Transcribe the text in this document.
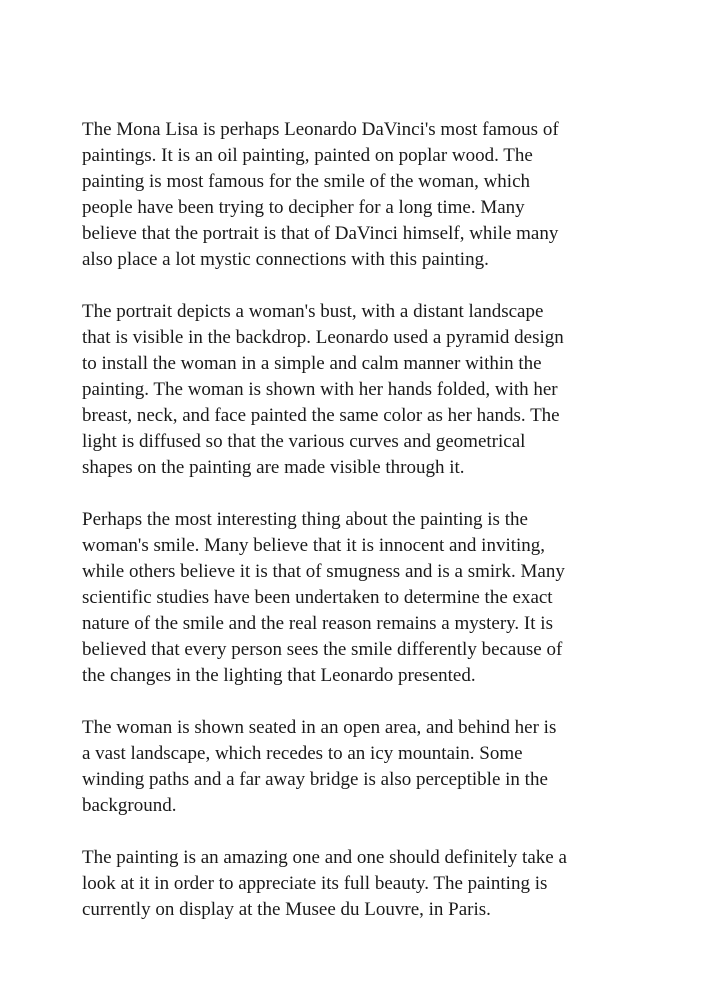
The Mona Lisa is perhaps Leonardo DaVinci's most famous of
paintings. It is an oil painting, painted on poplar wood. The
painting is most famous for the smile of the woman, which
people have been trying to decipher for a long time. Many
believe that the portrait is that of DaVinci himself, while many
also place a lot mystic connections with this painting.

The portrait depicts a woman's bust, with a distant landscape
that is visible in the backdrop. Leonardo used a pyramid design
to install the woman in a simple and calm manner within the
painting. The woman is shown with her hands folded, with her
breast, neck, and face painted the same color as her hands. The
light is diffused so that the various curves and geometrical
shapes on the painting are made visible through it.

Perhaps the most interesting thing about the painting is the
woman's smile. Many believe that it is innocent and inviting,
while others believe it is that of smugness and is a smirk. Many
scientific studies have been undertaken to determine the exact
nature of the smile and the real reason remains a mystery. It is
believed that every person sees the smile differently because of
the changes in the lighting that Leonardo presented.

The woman is shown seated in an open area, and behind her is
a vast landscape, which recedes to an icy mountain. Some
winding paths and a far away bridge is also perceptible in the
background.

The painting is an amazing one and one should definitely take a
look at it in order to appreciate its full beauty. The painting is
currently on display at the Musee du Louvre, in Paris.
